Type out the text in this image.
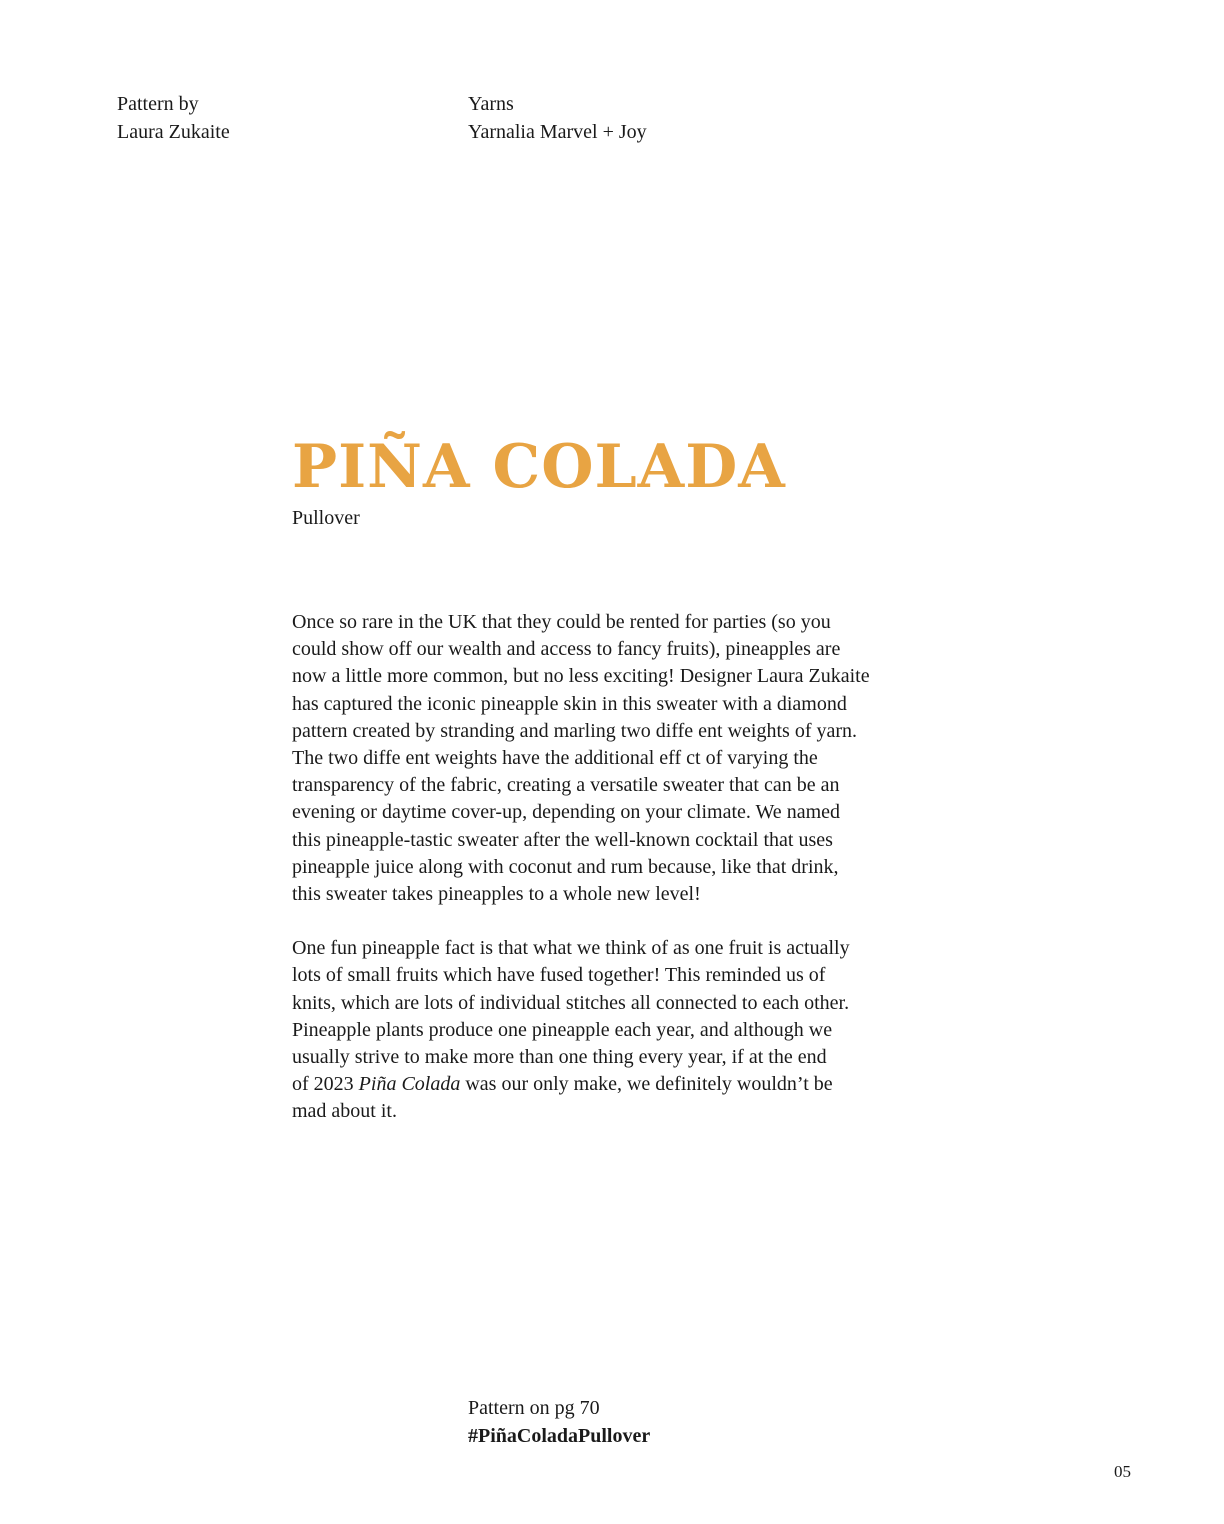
Pattern by
Laura Zukaite
Yarns
Yarnalia Marvel + Joy
PIÑA COLADA
Pullover

Once so rare in the UK that they could be rented for parties (so you
could show off our wealth and access to fancy fruits), pineapples are
now a little more common, but no less exciting! Designer Laura Zukaite
has captured the iconic pineapple skin in this sweater with a diamond
pattern created by stranding and marling two diffe ent weights of yarn.
The two diffe ent weights have the additional eff ct of varying the
transparency of the fabric, creating a versatile sweater that can be an
evening or daytime cover-up, depending on your climate. We named
this pineapple-tastic sweater after the well-known cocktail that uses
pineapple juice along with coconut and rum because, like that drink,
this sweater takes pineapples to a whole new level!

One fun pineapple fact is that what we think of as one fruit is actually
lots of small fruits which have fused together! This reminded us of
knits, which are lots of individual stitches all connected to each other.
Pineapple plants produce one pineapple each year, and although we
usually strive to make more than one thing every year, if at the end
of 2023 Piña Colada was our only make, we definitely wouldn’t be
mad about it.

Pattern on pg 70
#PiñaColadaPullover
05
